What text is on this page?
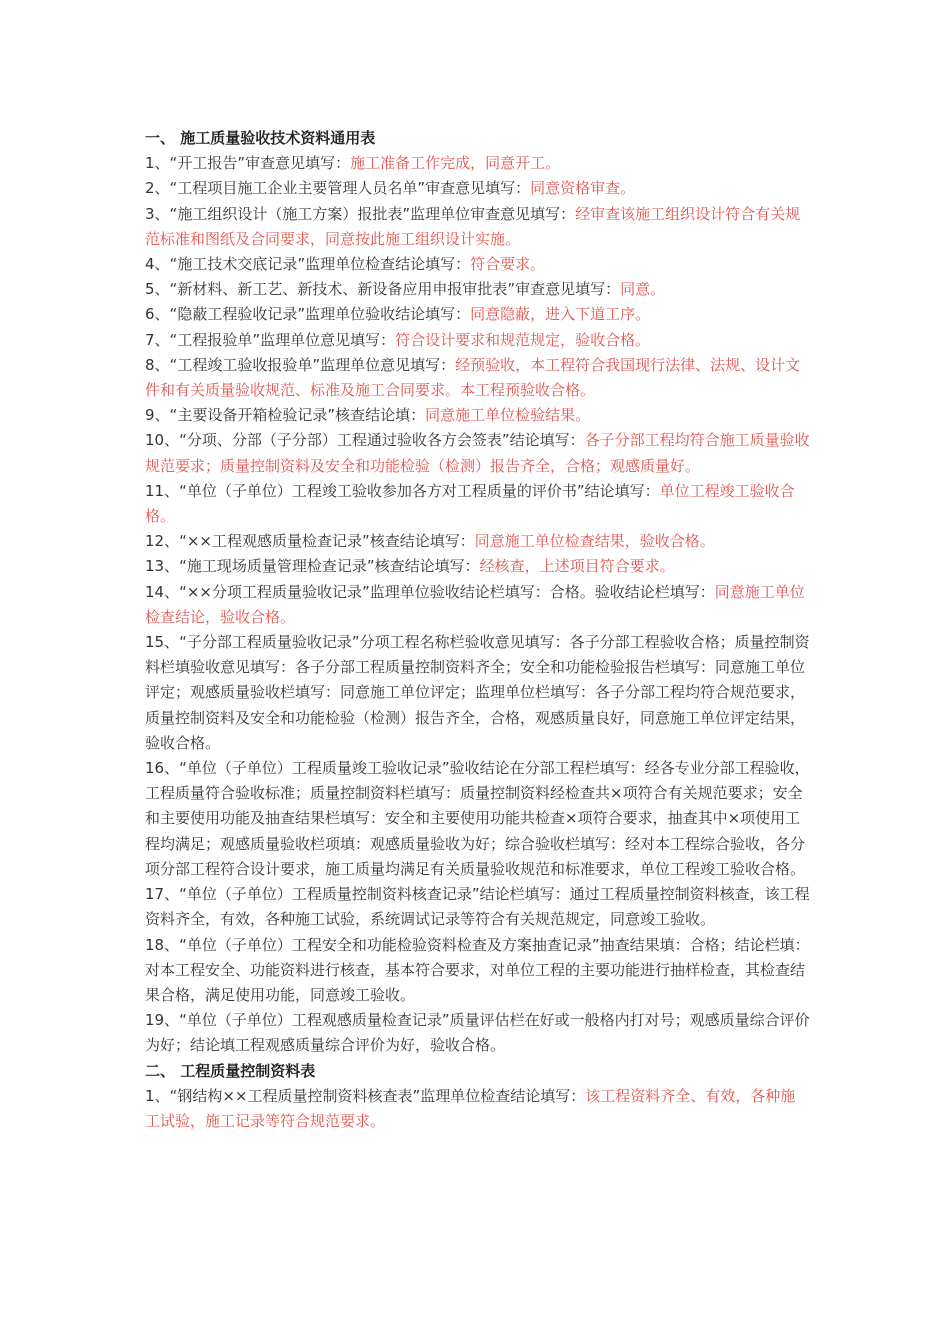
一、 施工质量验收技术资料通用表

1、“开工报告”审查意见填写：施工准备工作完成，同意开工。

2、“工程项目施工企业主要管理人员名单”审查意见填写：同意资格审查。

3、“施工组织设计（施工方案）报批表”监理单位审查意见填写：经审查该施工组织设计符合有关规范标准和图纸及合同要求，同意按此施工组织设计实施。

4、“施工技术交底记录”监理单位检查结论填写：符合要求。

5、“新材料、新工艺、新技术、新设备应用申报审批表”审查意见填写：同意。

6、“隐蔽工程验收记录”监理单位验收结论填写：同意隐蔽，进入下道工序。

7、“工程报验单”监理单位意见填写：符合设计要求和规范规定，验收合格。

8、“工程竣工验收报验单”监理单位意见填写：经预验收，本工程符合我国现行法律、法规、设计文件和有关质量验收规范、标准及施工合同要求。本工程预验收合格。

9、“主要设备开箱检验记录”核查结论填：同意施工单位检验结果。

10、“分项、分部（子分部）工程通过验收各方会签表”结论填写：各子分部工程均符合施工质量验收规范要求；质量控制资料及安全和功能检验（检测）报告齐全，合格；观感质量好。

11、“单位（子单位）工程竣工验收参加各方对工程质量的评价书”结论填写：单位工程竣工验收合格。

12、“××工程观感质量检查记录”核查结论填写：同意施工单位检查结果，验收合格。

13、“施工现场质量管理检查记录”核查结论填写：经核查，上述项目符合要求。

14、“××分项工程质量验收记录”监理单位验收结论栏填写：合格。验收结论栏填写：同意施工单位检查结论，验收合格。

15、“子分部工程质量验收记录”分项工程名称栏验收意见填写：各子分部工程验收合格；质量控制资料栏填验收意见填写：各子分部工程质量控制资料齐全；安全和功能检验报告栏填写：同意施工单位评定；观感质量验收栏填写：同意施工单位评定；监理单位栏填写：各子分部工程均符合规范要求，质量控制资料及安全和功能检验（检测）报告齐全，合格，观感质量良好，同意施工单位评定结果，验收合格。

16、“单位（子单位）工程质量竣工验收记录”验收结论在分部工程栏填写：经各专业分部工程验收，工程质量符合验收标准；质量控制资料栏填写：质量控制资料经检查共×项符合有关规范要求；安全和主要使用功能及抽查结果栏填写：安全和主要使用功能共检查×项符合要求，抽查其中×项使用工程均满足；观感质量验收栏项填：观感质量验收为好；综合验收栏填写：经对本工程综合验收，各分项分部工程符合设计要求，施工质量均满足有关质量验收规范和标准要求，单位工程竣工验收合格。

17、“单位（子单位）工程质量控制资料核查记录”结论栏填写：通过工程质量控制资料核查，该工程资料齐全，有效，各种施工试验，系统调试记录等符合有关规范规定，同意竣工验收。

18、“单位（子单位）工程安全和功能检验资料检查及方案抽查记录”抽查结果填：合格；结论栏填：对本工程安全、功能资料进行核查，基本符合要求，对单位工程的主要功能进行抽样检查，其检查结果合格，满足使用功能，同意竣工验收。

19、“单位（子单位）工程观感质量检查记录”质量评估栏在好或一般格内打对号；观感质量综合评价为好；结论填工程观感质量综合评价为好，验收合格。

二、 工程质量控制资料表

1、“钢结构××工程质量控制资料核查表”监理单位检查结论填写：该工程资料齐全、有效，各种施工试验，施工记录等符合规范要求。
